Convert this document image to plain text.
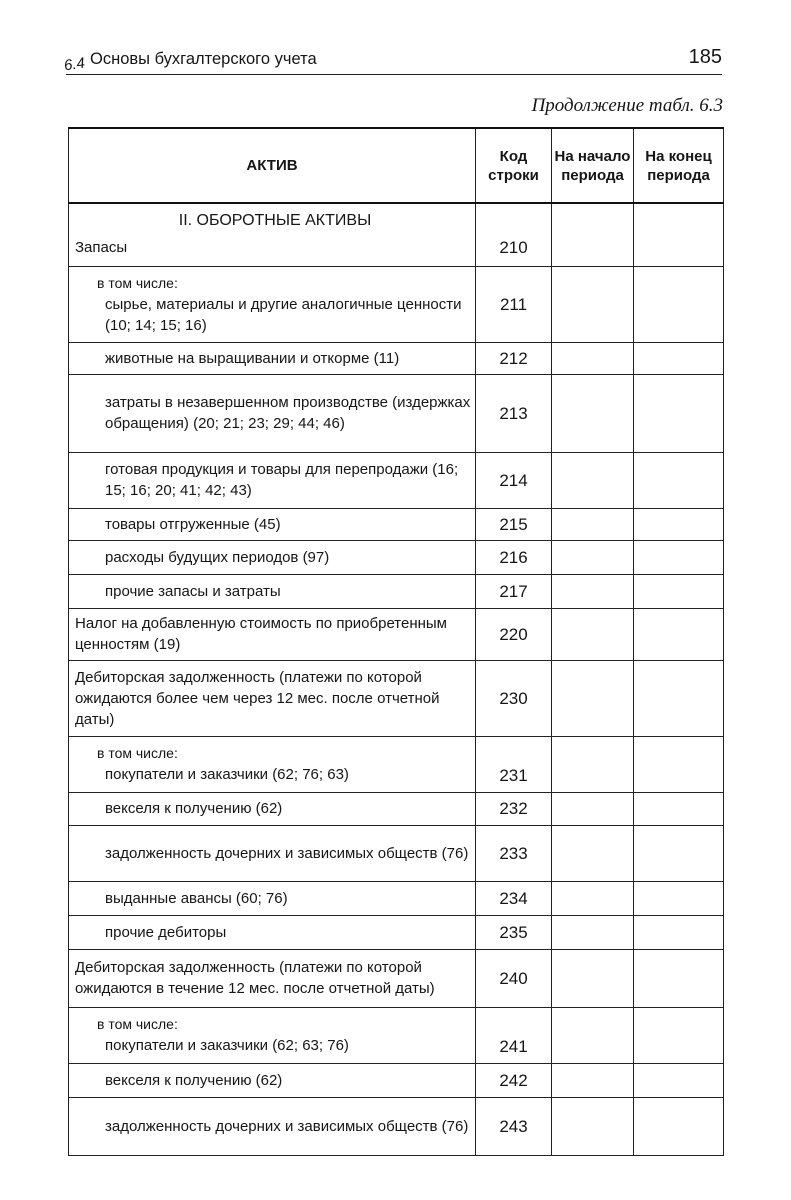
6.4 Основы бухгалтерского учета	185
Продолжение табл. 6.3
АКТИВ	Код строки	На начало периода	На конец периода

II. ОБОРОТНЫЕ АКТИВЫ
Запасы	210		

в том числе:
сырье, материалы и другие аналогичные ценности (10; 14; 15; 16)	211		

животные на выращивании и откорме (11)	212		

затраты в незавершенном производстве (издержках обращения) (20; 21; 23; 29; 44; 46)	213		

готовая продукция и товары для перепродажи (16; 15; 16; 20; 41; 42; 43)	214		

товары отгруженные (45)	215		

расходы будущих периодов (97)	216		

прочие запасы и затраты	217		

Налог на добавленную стоимость по приобретенным ценностям (19)	220		

Дебиторская задолженность (платежи по которой ожидаются более чем через 12 мес. после отчетной даты)	230		

в том числе:
покупатели и заказчики (62; 76; 63)	231		

векселя к получению (62)	232		

задолженность дочерних и зависимых обществ (76)	233		

выданные авансы (60; 76)	234		

прочие дебиторы	235		

Дебиторская задолженность (платежи по которой ожидаются в течение 12 мес. после отчетной даты)	240		

в том числе:
покупатели и заказчики (62; 63; 76)	241		

векселя к получению (62)	242		

задолженность дочерних и зависимых обществ (76)	243		
